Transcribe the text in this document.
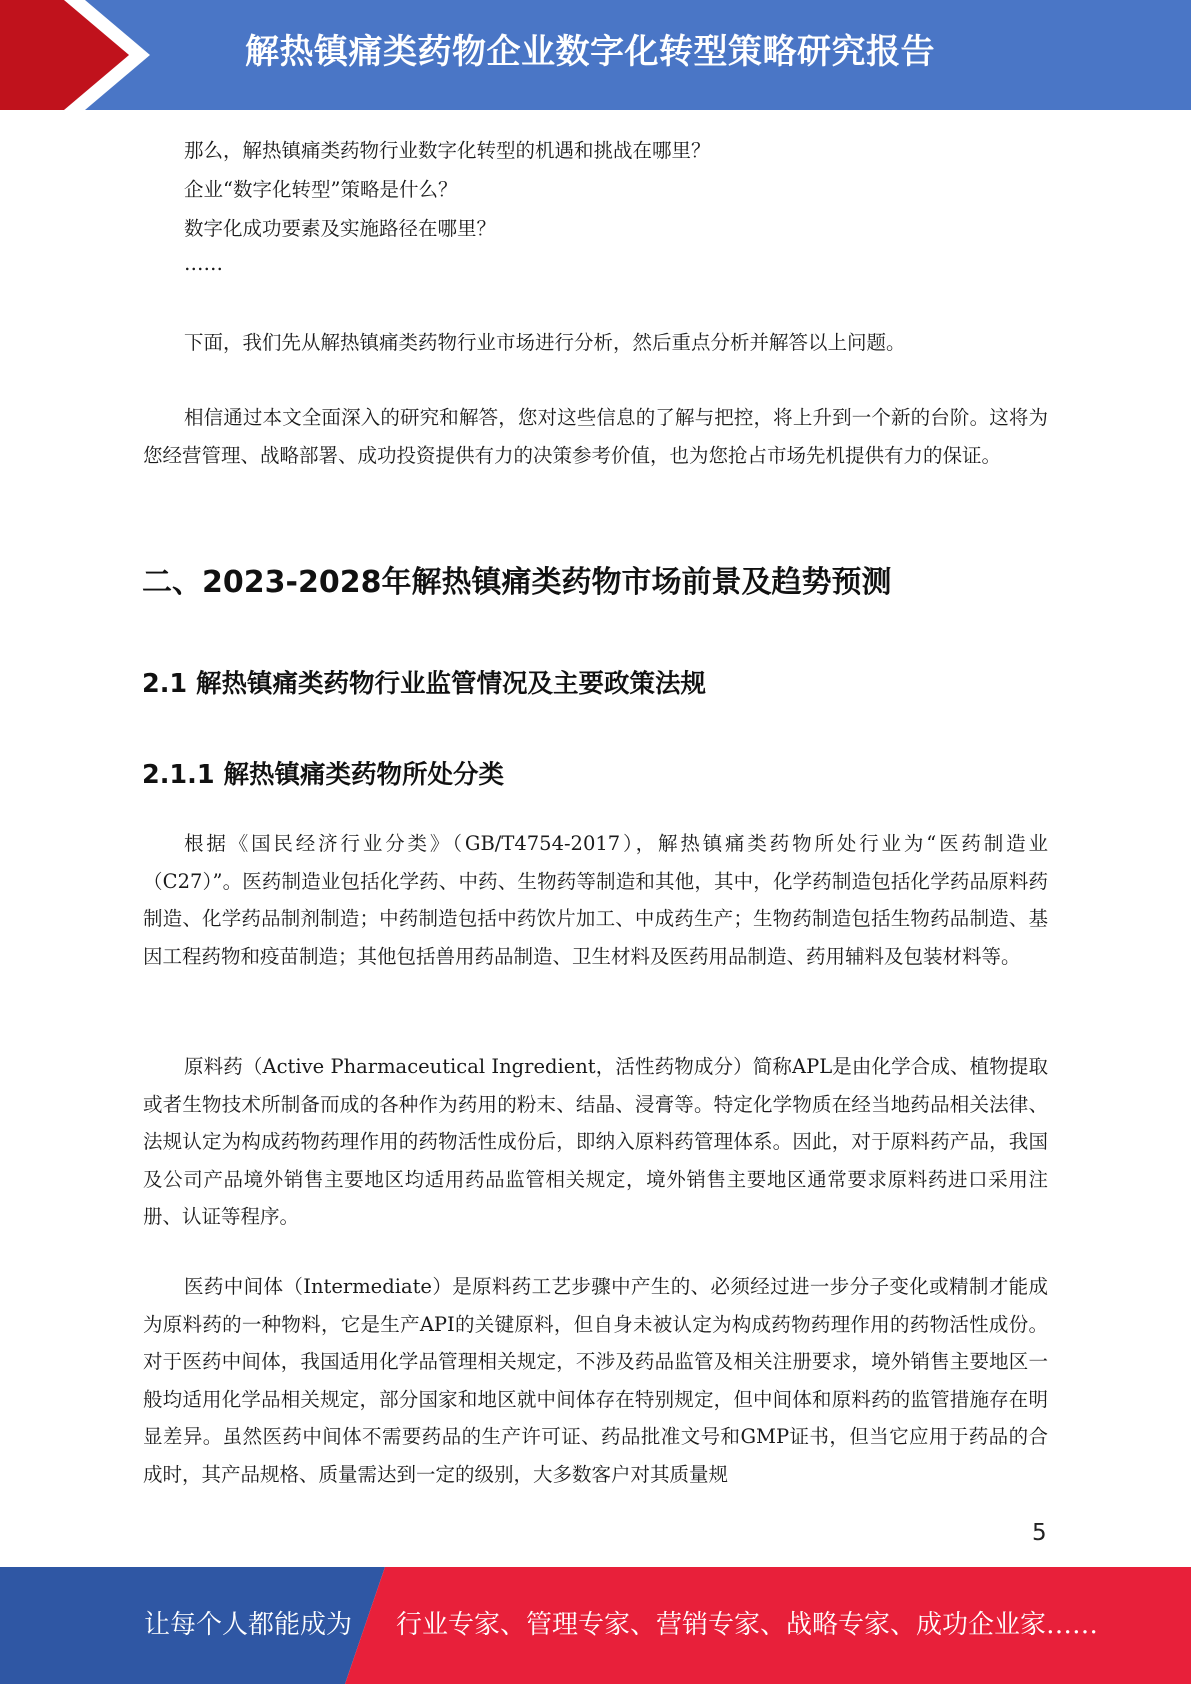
解热镇痛类药物企业数字化转型策略研究报告
那么，解热镇痛类药物行业数字化转型的机遇和挑战在哪里？
企业“数字化转型”策略是什么？
数字化成功要素及实施路径在哪里？
……

下面，我们先从解热镇痛类药物行业市场进行分析，然后重点分析并解答以上问题。

相信通过本文全面深入的研究和解答，您对这些信息的了解与把控，将上升到一个新的台阶。这将为您经营管理、战略部署、成功投资提供有力的决策参考价值，也为您抢占市场先机提供有力的保证。

二、2023-2028年解热镇痛类药物市场前景及趋势预测
2.1 解热镇痛类药物行业监管情况及主要政策法规
2.1.1 解热镇痛类药物所处分类

根据《国民经济行业分类》（GB/T4754-2017），解热镇痛类药物所处行业为“医药制造业（C27）”。医药制造业包括化学药、中药、生物药等制造和其他，其中，化学药制造包括化学药品原料药制造、化学药品制剂制造；中药制造包括中药饮片加工、中成药生产；生物药制造包括生物药品制造、基因工程药物和疫苗制造；其他包括兽用药品制造、卫生材料及医药用品制造、药用辅料及包装材料等。

原料药（Active Pharmaceutical Ingredient，活性药物成分）简称APL是由化学合成、植物提取或者生物技术所制备而成的各种作为药用的粉末、结晶、浸膏等。特定化学物质在经当地药品相关法律、法规认定为构成药物药理作用的药物活性成份后，即纳入原料药管理体系。因此，对于原料药产品，我国及公司产品境外销售主要地区均适用药品监管相关规定，境外销售主要地区通常要求原料药进口采用注册、认证等程序。

医药中间体（Intermediate）是原料药工艺步骤中产生的、必须经过进一步分子变化或精制才能成为原料药的一种物料，它是生产API的关键原料，但自身未被认定为构成药物药理作用的药物活性成份。对于医药中间体，我国适用化学品管理相关规定，不涉及药品监管及相关注册要求，境外销售主要地区一般均适用化学品相关规定，部分国家和地区就中间体存在特别规定，但中间体和原料药的监管措施存在明显差异。虽然医药中间体不需要药品的生产许可证、药品批准文号和GMP证书，但当它应用于药品的合成时，其产品规格、质量需达到一定的级别，大多数客户对其质量规

5
让每个人都能成为 行业专家、管理专家、营销专家、战略专家、成功企业家……
